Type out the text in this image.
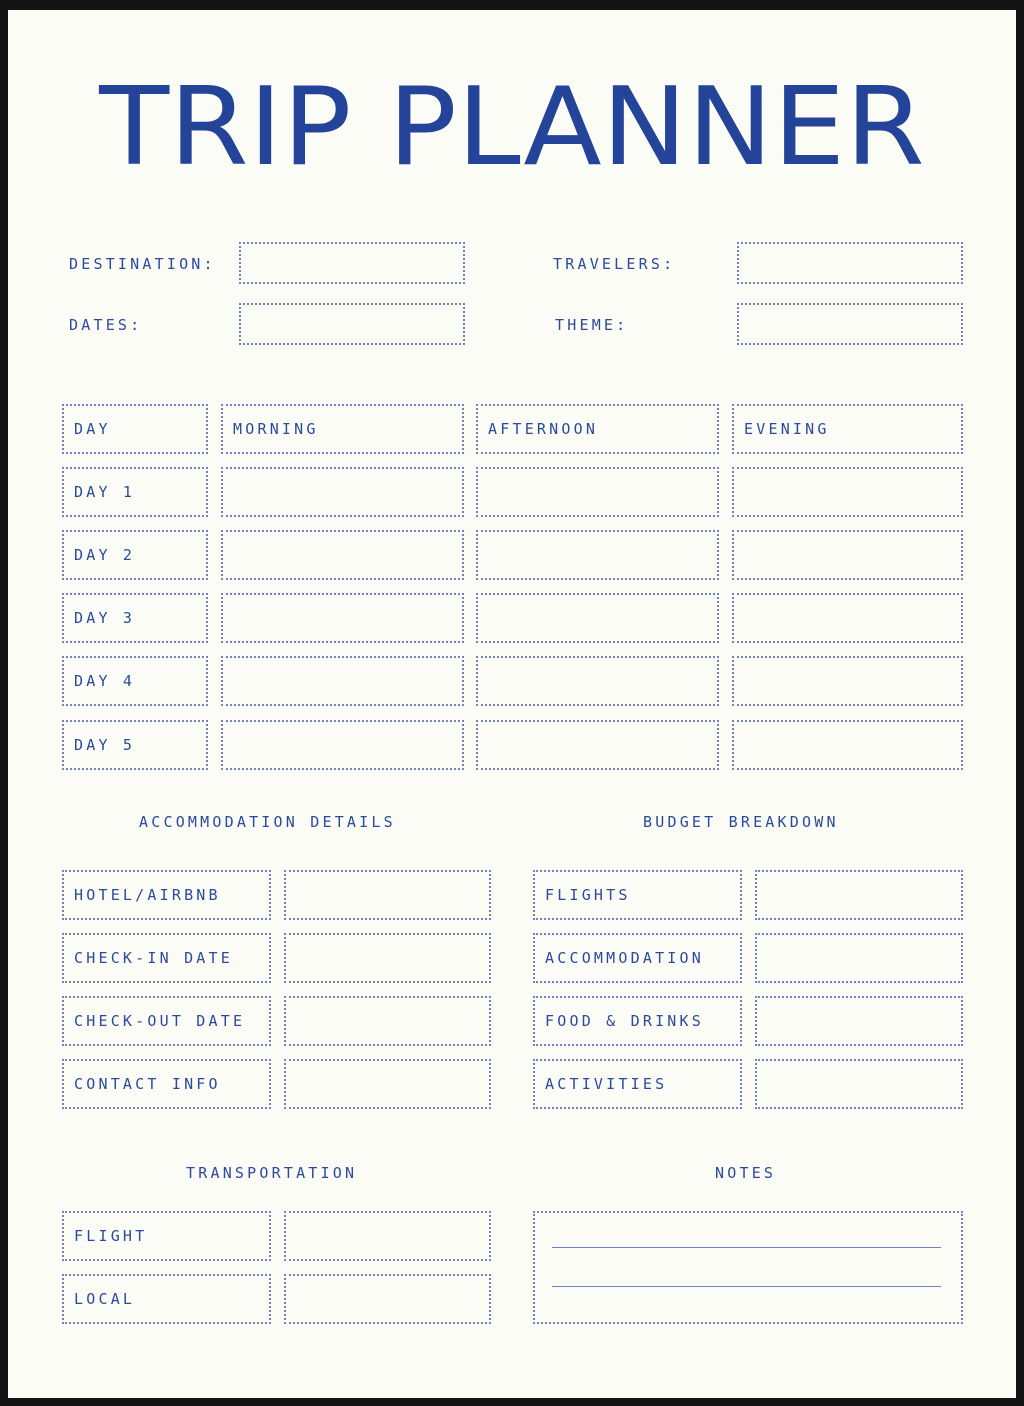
TRIP PLANNER
DESTINATION:	TRAVELERS:
DATES:	THEME:
DAY	MORNING	AFTERNOON	EVENING
DAY 1
DAY 2
DAY 3
DAY 4
DAY 5
ACCOMMODATION DETAILS	BUDGET BREAKDOWN
HOTEL/AIRBNB
CHECK-IN DATE
CHECK-OUT DATE
CONTACT INFO
FLIGHTS
ACCOMMODATION
FOOD & DRINKS
ACTIVITIES
TRANSPORTATION	NOTES
FLIGHT
LOCAL
